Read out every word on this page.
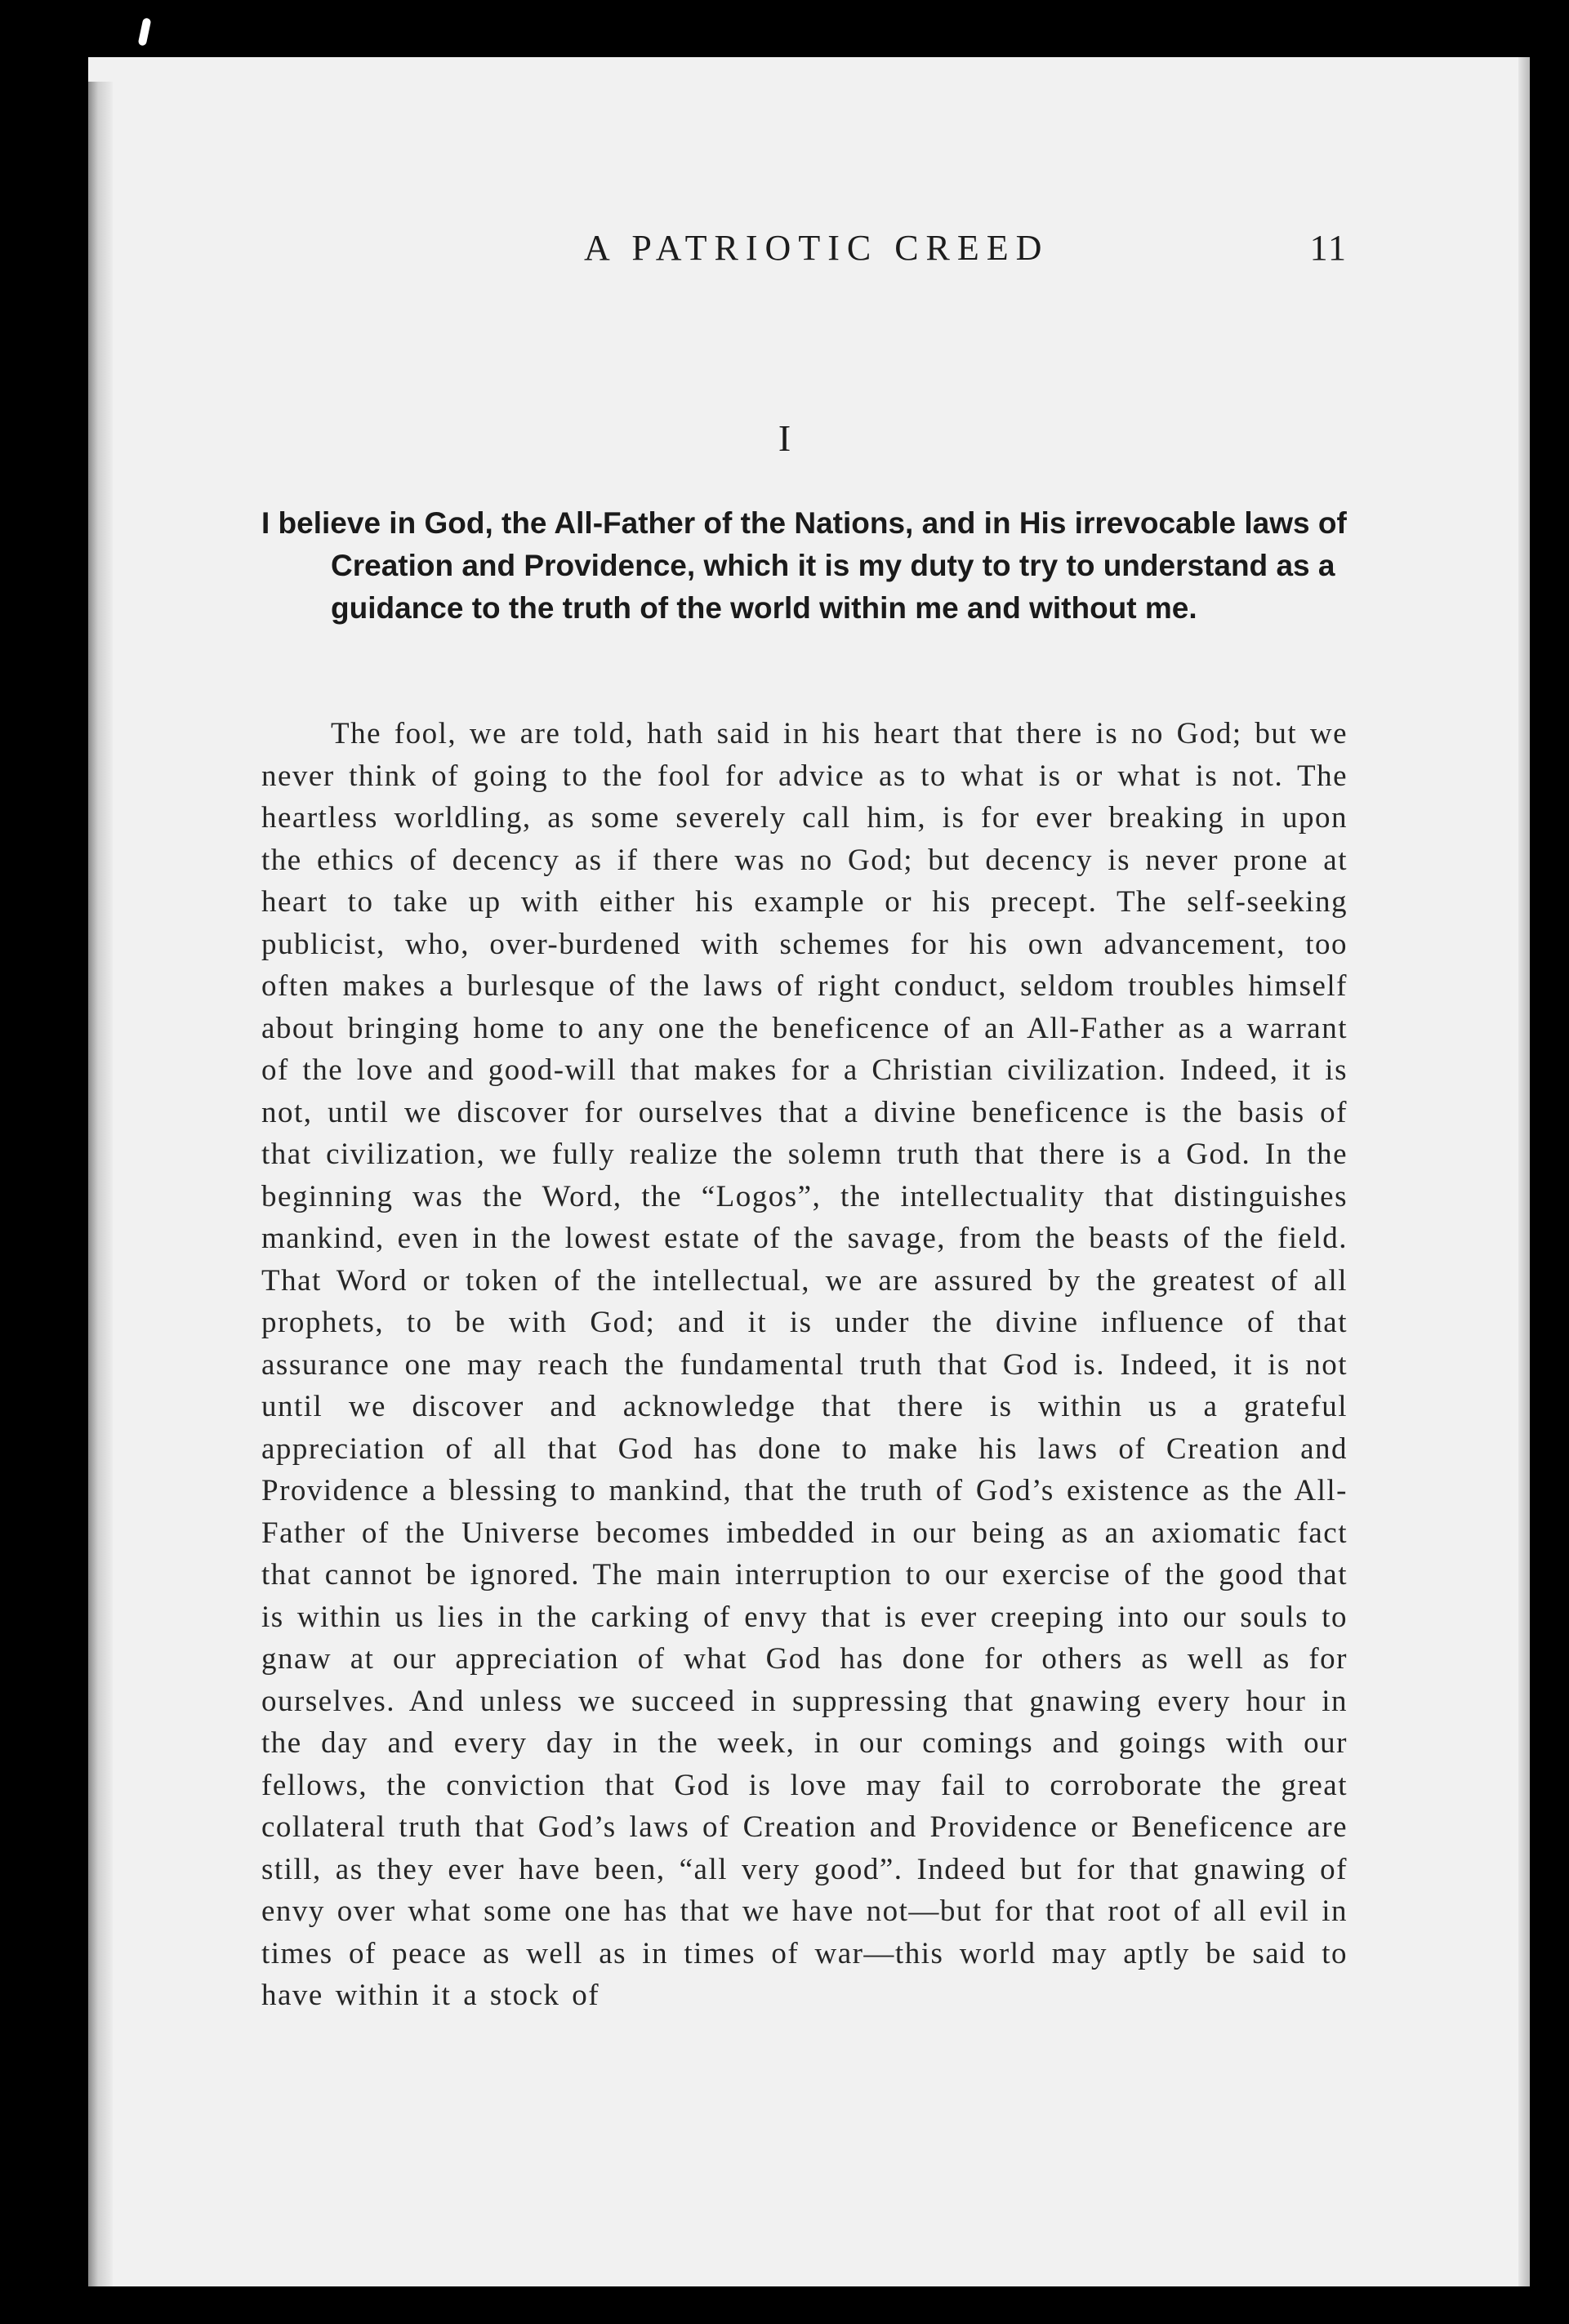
A PATRIOTIC CREED	11
I
I believe in God, the All-Father of the Nations, and in His irrevocable laws of Creation and Providence, which it is my duty to try to understand as a guidance to the truth of the world within me and without me.

The fool, we are told, hath said in his heart that there is no God; but we never think of going to the fool for advice as to what is or what is not. The heartless worldling, as some severely call him, is for ever breaking in upon the ethics of decency as if there was no God; but decency is never prone at heart to take up with either his example or his precept. The self-seeking publicist, who, over-burdened with schemes for his own advancement, too often makes a burlesque of the laws of right conduct, seldom troubles himself about bringing home to any one the beneficence of an All-Father as a warrant of the love and good-will that makes for a Christian civilization. Indeed, it is not, until we discover for ourselves that a divine beneficence is the basis of that civilization, we fully realize the solemn truth that there is a God. In the beginning was the Word, the “Logos”, the intellectuality that distinguishes mankind, even in the lowest estate of the savage, from the beasts of the field. That Word or token of the intellectual, we are assured by the greatest of all prophets, to be with God; and it is under the divine influence of that assurance one may reach the fundamental truth that God is. Indeed, it is not until we discover and acknowledge that there is within us a grateful appreciation of all that God has done to make his laws of Creation and Providence a blessing to mankind, that the truth of God’s existence as the All-Father of the Universe becomes imbedded in our being as an axiomatic fact that cannot be ignored. The main interruption to our exercise of the good that is within us lies in the carking of envy that is ever creeping into our souls to gnaw at our appreciation of what God has done for others as well as for ourselves. And unless we succeed in suppressing that gnawing every hour in the day and every day in the week, in our comings and goings with our fellows, the conviction that God is love may fail to corroborate the great collateral truth that God’s laws of Creation and Providence or Beneficence are still, as they ever have been, “all very good”. Indeed but for that gnawing of envy over what some one has that we have not—but for that root of all evil in times of peace as well as in times of war—this world may aptly be said to have within it a stock of
